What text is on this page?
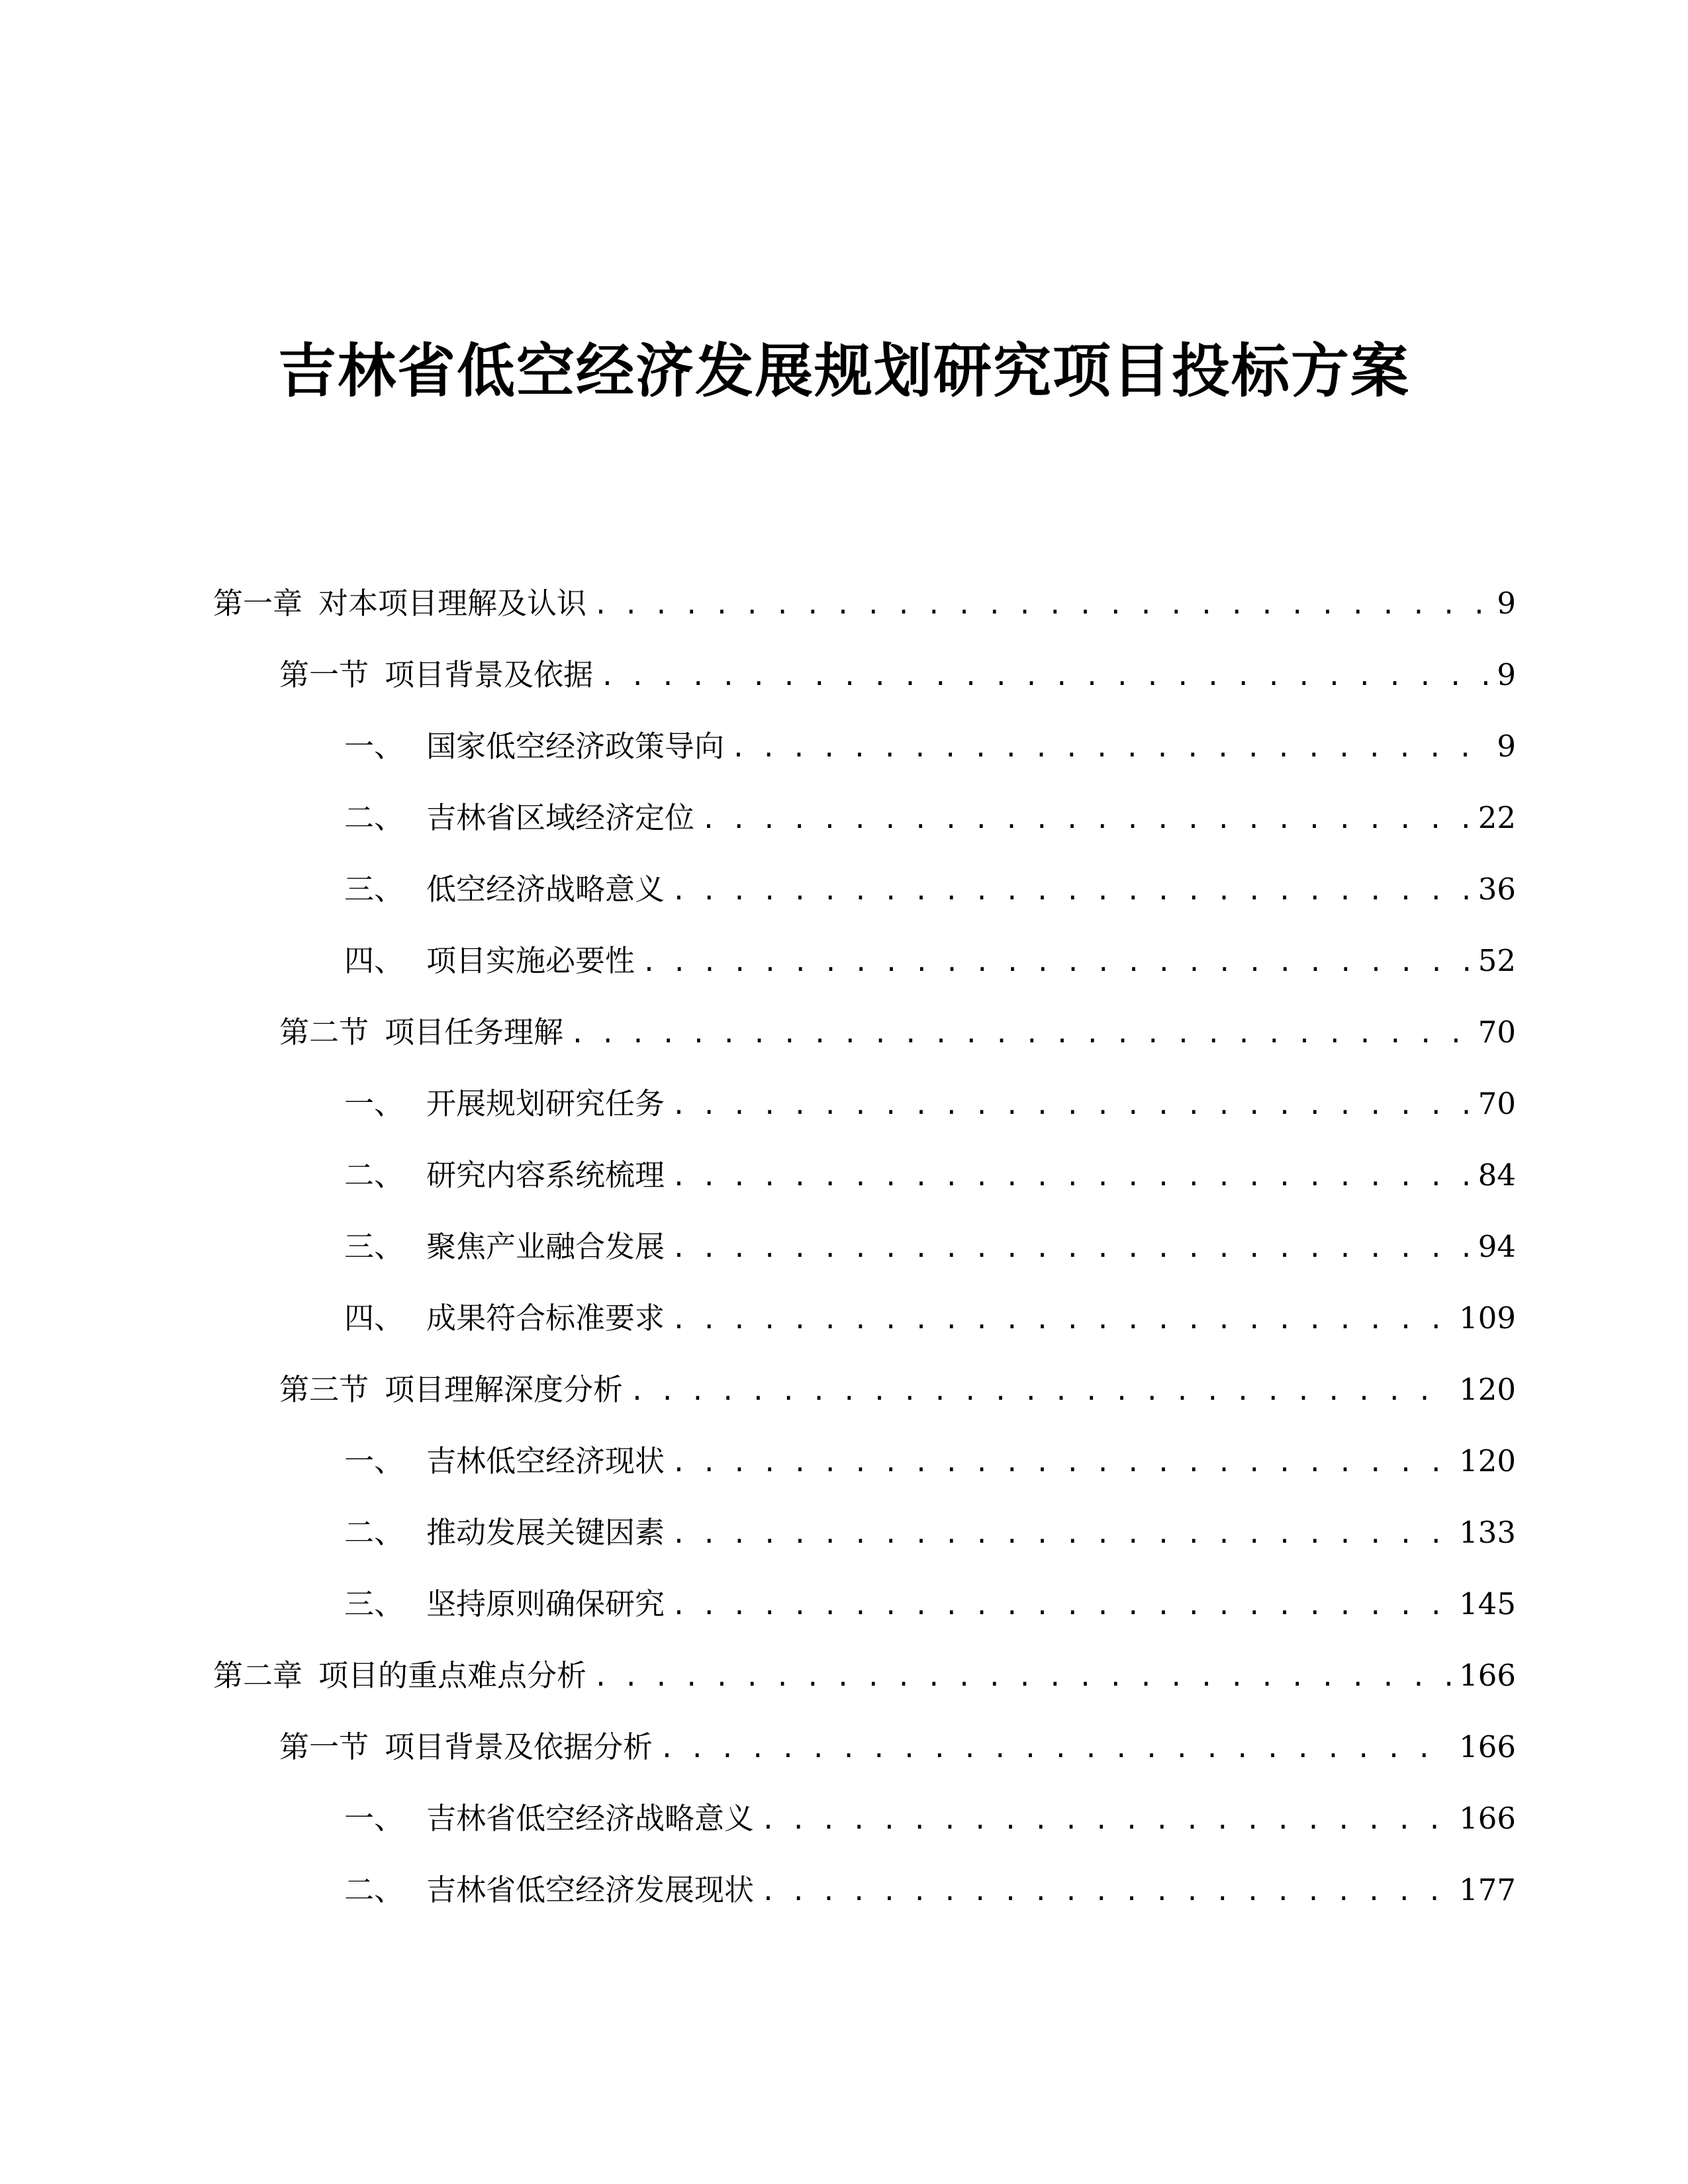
吉林省低空经济发展规划研究项目投标方案
第一章 对本项目理解及认识 . . .	9
第一节 项目背景及依据 . . .	9
一、 国家低空经济政策导向 . . .	9
二、 吉林省区域经济定位 . . .	22
三、 低空经济战略意义 . . .	36
四、 项目实施必要性 . . .	52
第二节 项目任务理解 . . .	70
一、 开展规划研究任务 . . .	70
二、 研究内容系统梳理 . . .	84
三、 聚焦产业融合发展 . . .	94
四、 成果符合标准要求 . . .	109
第三节 项目理解深度分析 . . .	120
一、 吉林低空经济现状 . . .	120
二、 推动发展关键因素 . . .	133
三、 坚持原则确保研究 . . .	145
第二章 项目的重点难点分析 . . .	166
第一节 项目背景及依据分析 . . .	166
一、 吉林省低空经济战略意义 . . .	166
二、 吉林省低空经济发展现状 . . .	177
